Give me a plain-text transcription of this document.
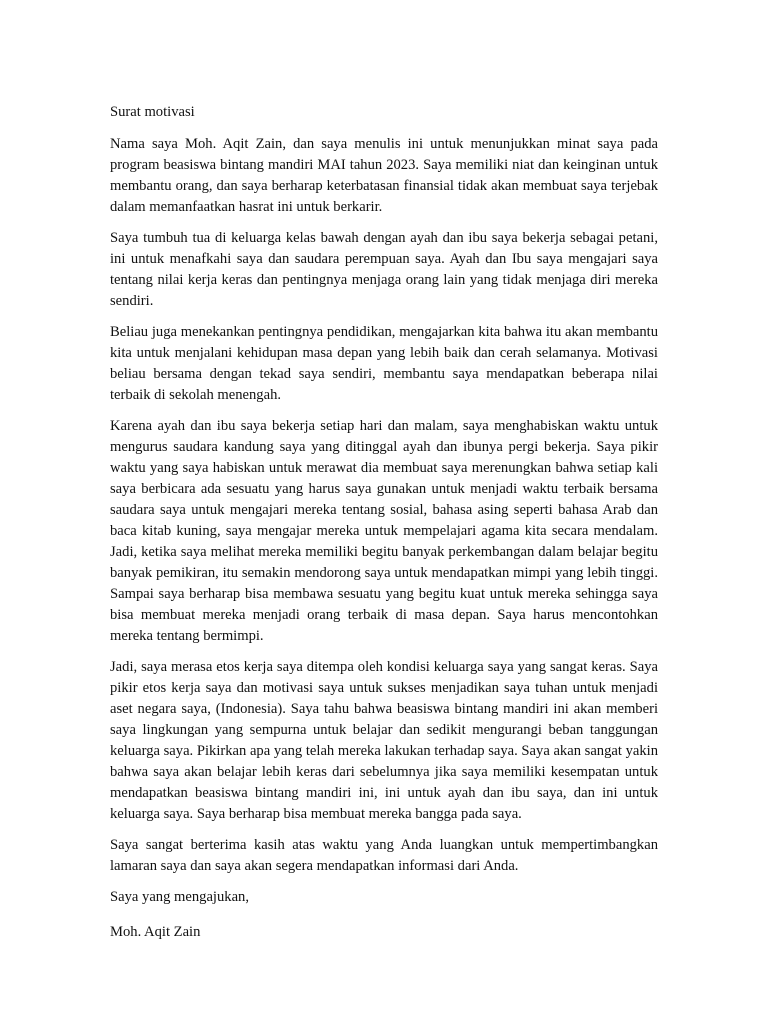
Surat motivasi

Nama saya Moh. Aqit Zain, dan saya menulis ini untuk menunjukkan minat saya pada program beasiswa bintang mandiri MAI tahun 2023. Saya memiliki niat dan keinginan untuk membantu orang, dan saya berharap keterbatasan finansial tidak akan membuat saya terjebak dalam memanfaatkan hasrat ini untuk berkarir.

Saya tumbuh tua di keluarga kelas bawah dengan ayah dan ibu saya bekerja sebagai petani, ini untuk menafkahi saya dan saudara perempuan saya. Ayah dan Ibu saya mengajari saya tentang nilai kerja keras dan pentingnya menjaga orang lain yang tidak menjaga diri mereka sendiri.

Beliau juga menekankan pentingnya pendidikan, mengajarkan kita bahwa itu akan membantu kita untuk menjalani kehidupan masa depan yang lebih baik dan cerah selamanya. Motivasi beliau bersama dengan tekad saya sendiri, membantu saya mendapatkan beberapa nilai terbaik di sekolah menengah.

Karena ayah dan ibu saya bekerja setiap hari dan malam, saya menghabiskan waktu untuk mengurus saudara kandung saya yang ditinggal ayah dan ibunya pergi bekerja. Saya pikir waktu yang saya habiskan untuk merawat dia membuat saya merenungkan bahwa setiap kali saya berbicara ada sesuatu yang harus saya gunakan untuk menjadi waktu terbaik bersama saudara saya untuk mengajari mereka tentang sosial, bahasa asing seperti bahasa Arab dan baca kitab kuning, saya mengajar mereka untuk mempelajari agama kita secara mendalam. Jadi, ketika saya melihat mereka memiliki begitu banyak perkembangan dalam belajar begitu banyak pemikiran, itu semakin mendorong saya untuk mendapatkan mimpi yang lebih tinggi. Sampai saya berharap bisa membawa sesuatu yang begitu kuat untuk mereka sehingga saya bisa membuat mereka menjadi orang terbaik di masa depan. Saya harus mencontohkan mereka tentang bermimpi.

Jadi, saya merasa etos kerja saya ditempa oleh kondisi keluarga saya yang sangat keras. Saya pikir etos kerja saya dan motivasi saya untuk sukses menjadikan saya tuhan untuk menjadi aset negara saya, (Indonesia). Saya tahu bahwa beasiswa bintang mandiri ini akan memberi saya lingkungan yang sempurna untuk belajar dan sedikit mengurangi beban tanggungan keluarga saya. Pikirkan apa yang telah mereka lakukan terhadap saya. Saya akan sangat yakin bahwa saya akan belajar lebih keras dari sebelumnya jika saya memiliki kesempatan untuk mendapatkan beasiswa bintang mandiri ini, ini untuk ayah dan ibu saya, dan ini untuk keluarga saya. Saya berharap bisa membuat mereka bangga pada saya.

Saya sangat berterima kasih atas waktu yang Anda luangkan untuk mempertimbangkan lamaran saya dan saya akan segera mendapatkan informasi dari Anda.

Saya yang mengajukan,

Moh. Aqit Zain
